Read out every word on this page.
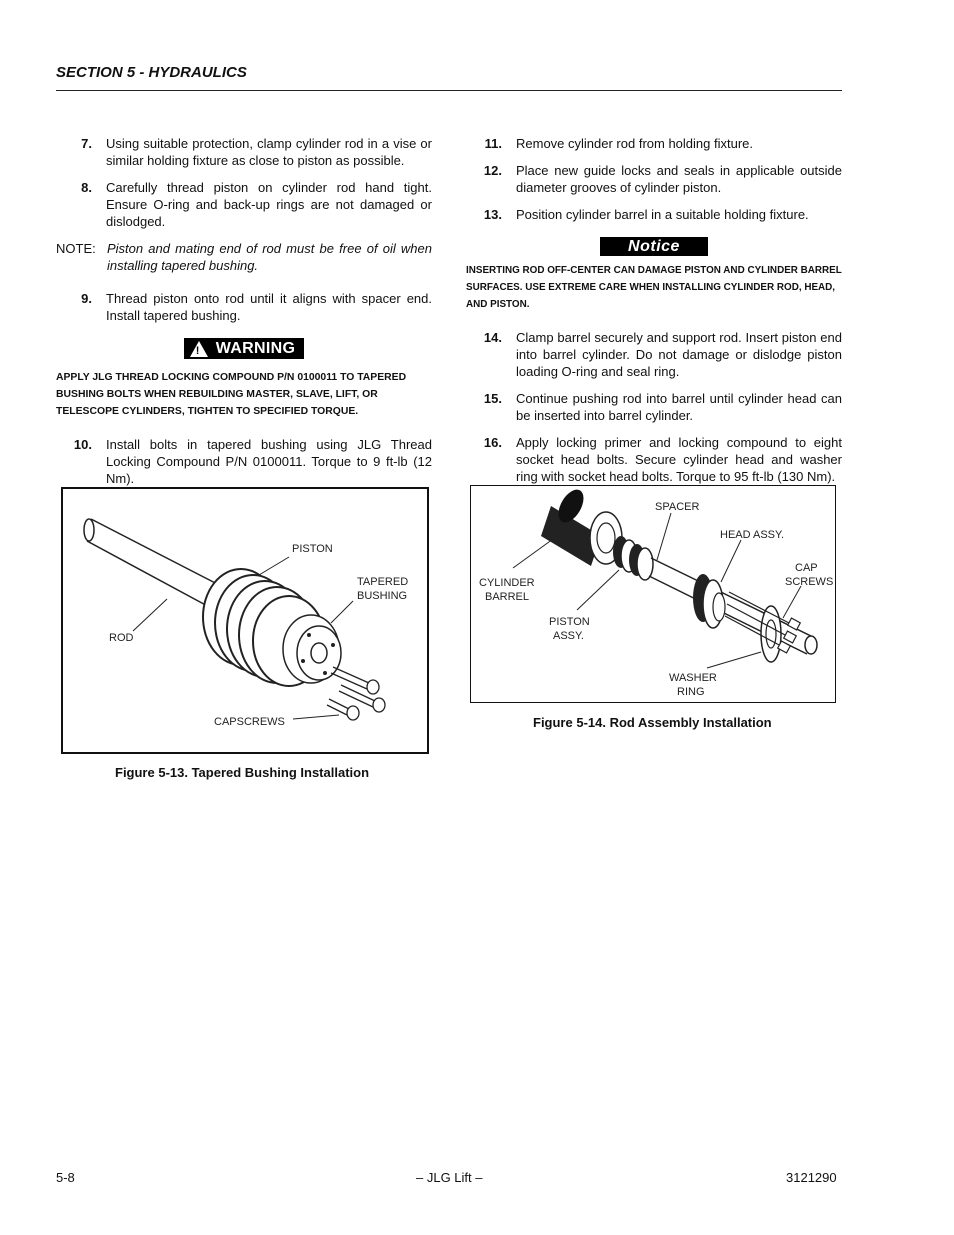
SECTION 5 - HYDRAULICS
7. Using suitable protection, clamp cylinder rod in a vise or similar holding fixture as close to piston as possible.
8. Carefully thread piston on cylinder rod hand tight. Ensure O-ring and back-up rings are not damaged or dislodged.
NOTE: Piston and mating end of rod must be free of oil when installing tapered bushing.
9. Thread piston onto rod until it aligns with spacer end. Install tapered bushing.
! WARNING
APPLY JLG THREAD LOCKING COMPOUND P/N 0100011 TO TAPERED BUSHING BOLTS WHEN REBUILDING MASTER, SLAVE, LIFT, OR TELESCOPE CYLINDERS, TIGHTEN TO SPECIFIED TORQUE.
10. Install bolts in tapered bushing using JLG Thread Locking Compound P/N 0100011. Torque to 9 ft-lb (12 Nm).
PISTON
TAPERED
BUSHING
ROD
CAPSCREWS
Figure 5-13. Tapered Bushing Installation
11. Remove cylinder rod from holding fixture.
12. Place new guide locks and seals in applicable outside diameter grooves of cylinder piston.
13. Position cylinder barrel in a suitable holding fixture.
Notice
INSERTING ROD OFF-CENTER CAN DAMAGE PISTON AND CYLINDER BARREL SURFACES. USE EXTREME CARE WHEN INSTALLING CYLINDER ROD, HEAD, AND PISTON.
14. Clamp barrel securely and support rod. Insert piston end into barrel cylinder. Do not damage or dislodge piston loading O-ring and seal ring.
15. Continue pushing rod into barrel until cylinder head can be inserted into barrel cylinder.
16. Apply locking primer and locking compound to eight socket head bolts. Secure cylinder head and washer ring with socket head bolts. Torque to 95 ft-lb (130 Nm).
SPACER
HEAD ASSY.
CAP
SCREWS
CYLINDER
BARREL
PISTON
ASSY.
WASHER
RING
Figure 5-14. Rod Assembly Installation
5-8	– JLG Lift –	3121290
